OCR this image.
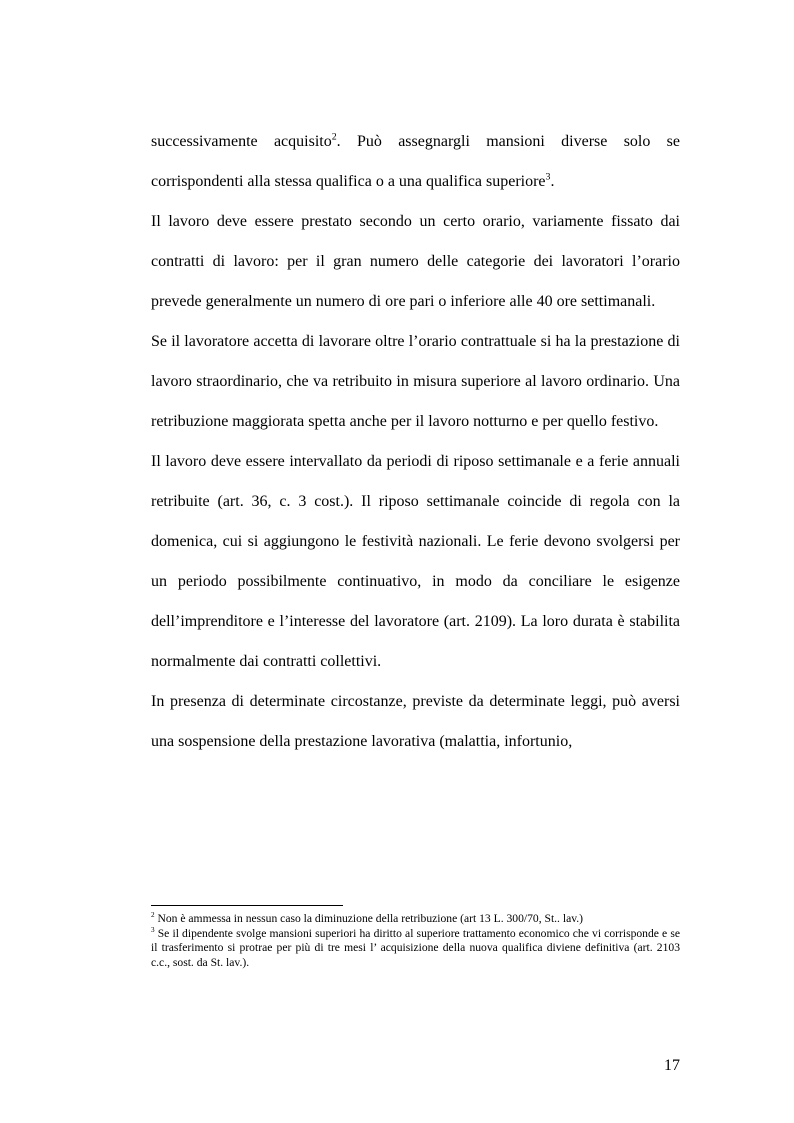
successivamente acquisito$^2$. Può assegnargli mansioni diverse solo se corrispondenti alla stessa qualifica o a una qualifica superiore$^3$.

Il lavoro deve essere prestato secondo un certo orario, variamente fissato dai contratti di lavoro: per il gran numero delle categorie dei lavoratori l’orario prevede generalmente un numero di ore pari o inferiore alle 40 ore settimanali.

Se il lavoratore accetta di lavorare oltre l’orario contrattuale si ha la prestazione di lavoro straordinario, che va retribuito in misura superiore al lavoro ordinario. Una retribuzione maggiorata spetta anche per il lavoro notturno e per quello festivo.

Il lavoro deve essere intervallato da periodi di riposo settimanale e a ferie annuali retribuite (art. 36, c. 3 cost.). Il riposo settimanale coincide di regola con la domenica, cui si aggiungono le festività nazionali. Le ferie devono svolgersi per un periodo possibilmente continuativo, in modo da conciliare le esigenze dell’imprenditore e l’interesse del lavoratore (art. 2109). La loro durata è stabilita normalmente dai contratti collettivi.

In presenza di determinate circostanze, previste da determinate leggi, può aversi una sospensione della prestazione lavorativa (malattia, infortunio,

$^2$ Non è ammessa in nessun caso la diminuzione della retribuzione (art 13 L. 300/70, St.. lav.)

$^3$ Se il dipendente svolge mansioni superiori ha diritto al superiore trattamento economico che vi corrisponde e se il trasferimento si protrae per più di tre mesi l’ acquisizione della nuova qualifica diviene definitiva (art. 2103 c.c., sost. da St. lav.).

17
